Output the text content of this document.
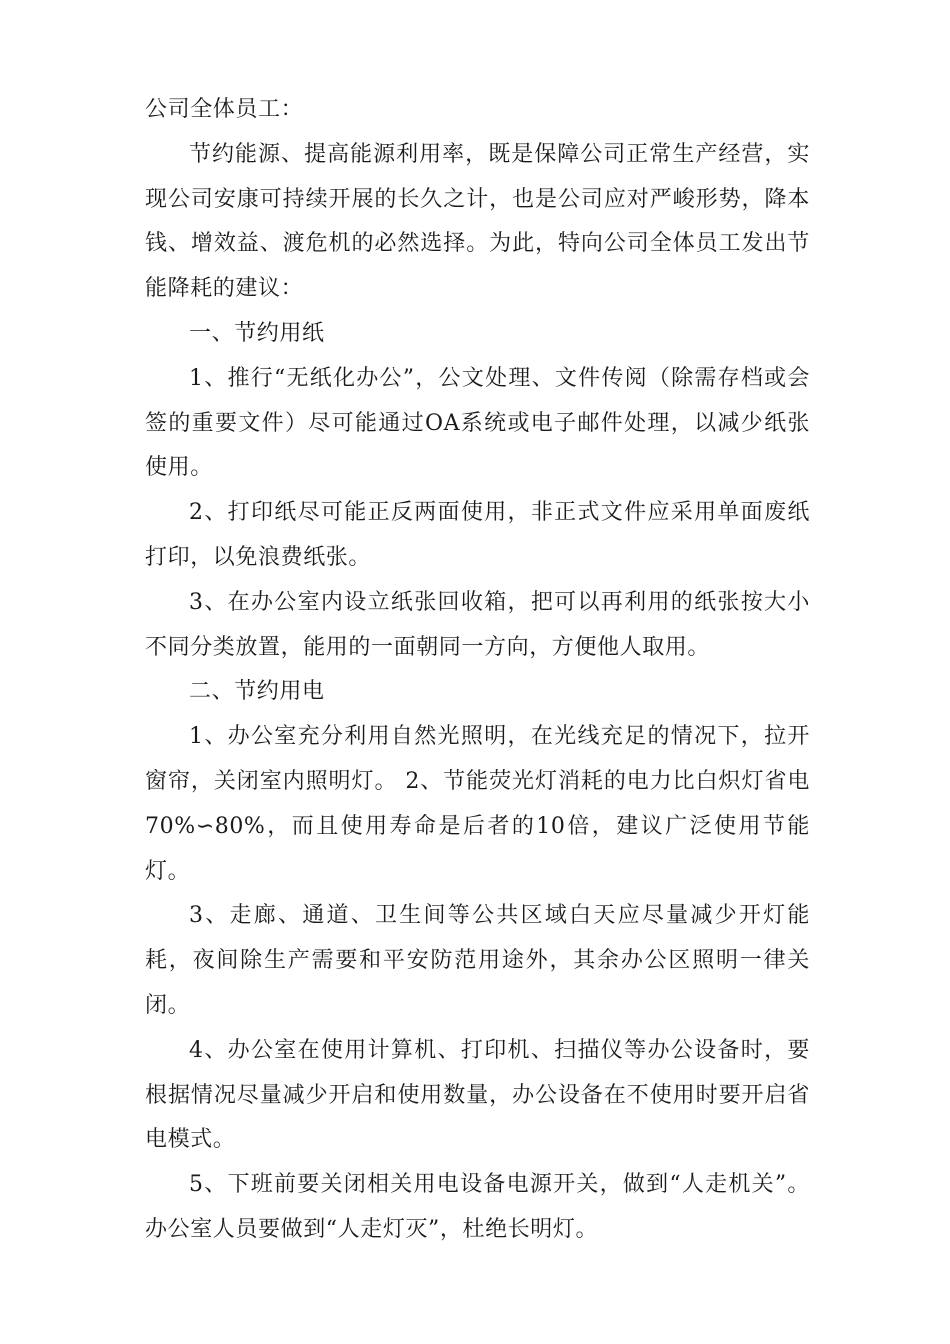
公司全体员工：

节约能源、提高能源利用率，既是保障公司正常生产经营，实现公司安康可持续开展的长久之计，也是公司应对严峻形势，降本钱、增效益、渡危机的必然选择。为此，特向公司全体员工发出节能降耗的建议：

一、节约用纸

1、推行“无纸化办公”，公文处理、文件传阅（除需存档或会签的重要文件）尽可能通过OA系统或电子邮件处理，以减少纸张使用。

2、打印纸尽可能正反两面使用，非正式文件应采用单面废纸打印，以免浪费纸张。

3、在办公室内设立纸张回收箱，把可以再利用的纸张按大小不同分类放置，能用的一面朝同一方向，方便他人取用。

二、节约用电

1、办公室充分利用自然光照明，在光线充足的情况下，拉开窗帘，关闭室内照明灯。 2、节能荧光灯消耗的电力比白炽灯省电70%∽80%，而且使用寿命是后者的10倍，建议广泛使用节能灯。

3、走廊、通道、卫生间等公共区域白天应尽量减少开灯能耗，夜间除生产需要和平安防范用途外，其余办公区照明一律关闭。

4、办公室在使用计算机、打印机、扫描仪等办公设备时，要根据情况尽量减少开启和使用数量，办公设备在不使用时要开启省电模式。

5、下班前要关闭相关用电设备电源开关，做到“人走机关”。办公室人员要做到“人走灯灭”，杜绝长明灯。
